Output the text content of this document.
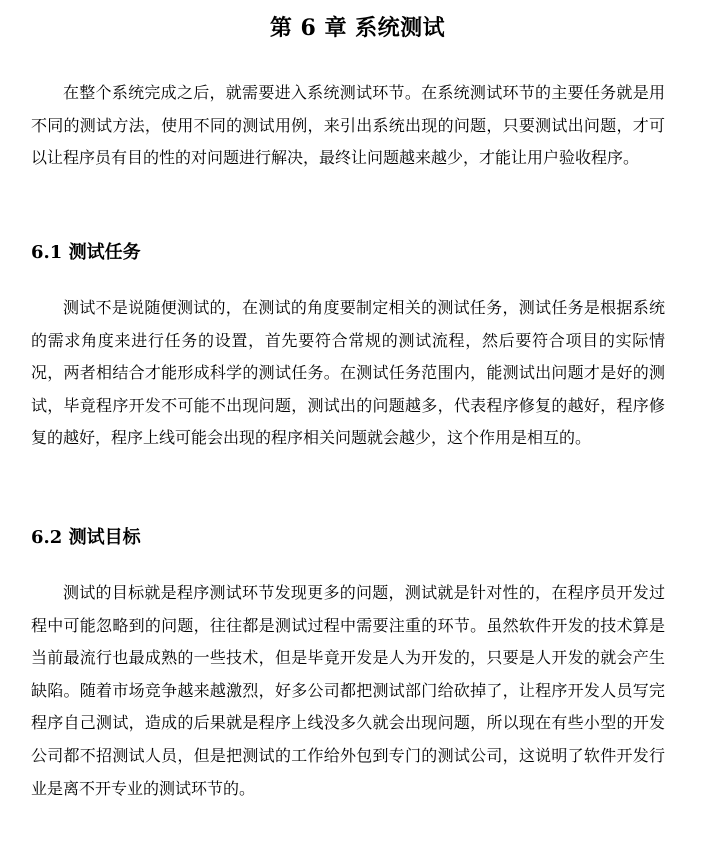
第 6 章 系统测试

在整个系统完成之后，就需要进入系统测试环节。在系统测试环节的主要任务就是用不同的测试方法，使用不同的测试用例，来引出系统出现的问题，只要测试出问题，才可以让程序员有目的性的对问题进行解决，最终让问题越来越少，才能让用户验收程序。

6.1 测试任务

测试不是说随便测试的，在测试的角度要制定相关的测试任务，测试任务是根据系统的需求角度来进行任务的设置，首先要符合常规的测试流程，然后要符合项目的实际情况，两者相结合才能形成科学的测试任务。在测试任务范围内，能测试出问题才是好的测试，毕竟程序开发不可能不出现问题，测试出的问题越多，代表程序修复的越好，程序修复的越好，程序上线可能会出现的程序相关问题就会越少，这个作用是相互的。

6.2 测试目标

测试的目标就是程序测试环节发现更多的问题，测试就是针对性的，在程序员开发过程中可能忽略到的问题，往往都是测试过程中需要注重的环节。虽然软件开发的技术算是当前最流行也最成熟的一些技术，但是毕竟开发是人为开发的，只要是人开发的就会产生缺陷。随着市场竞争越来越激烈，好多公司都把测试部门给砍掉了，让程序开发人员写完程序自己测试，造成的后果就是程序上线没多久就会出现问题，所以现在有些小型的开发公司都不招测试人员，但是把测试的工作给外包到专门的测试公司，这说明了软件开发行业是离不开专业的测试环节的。
